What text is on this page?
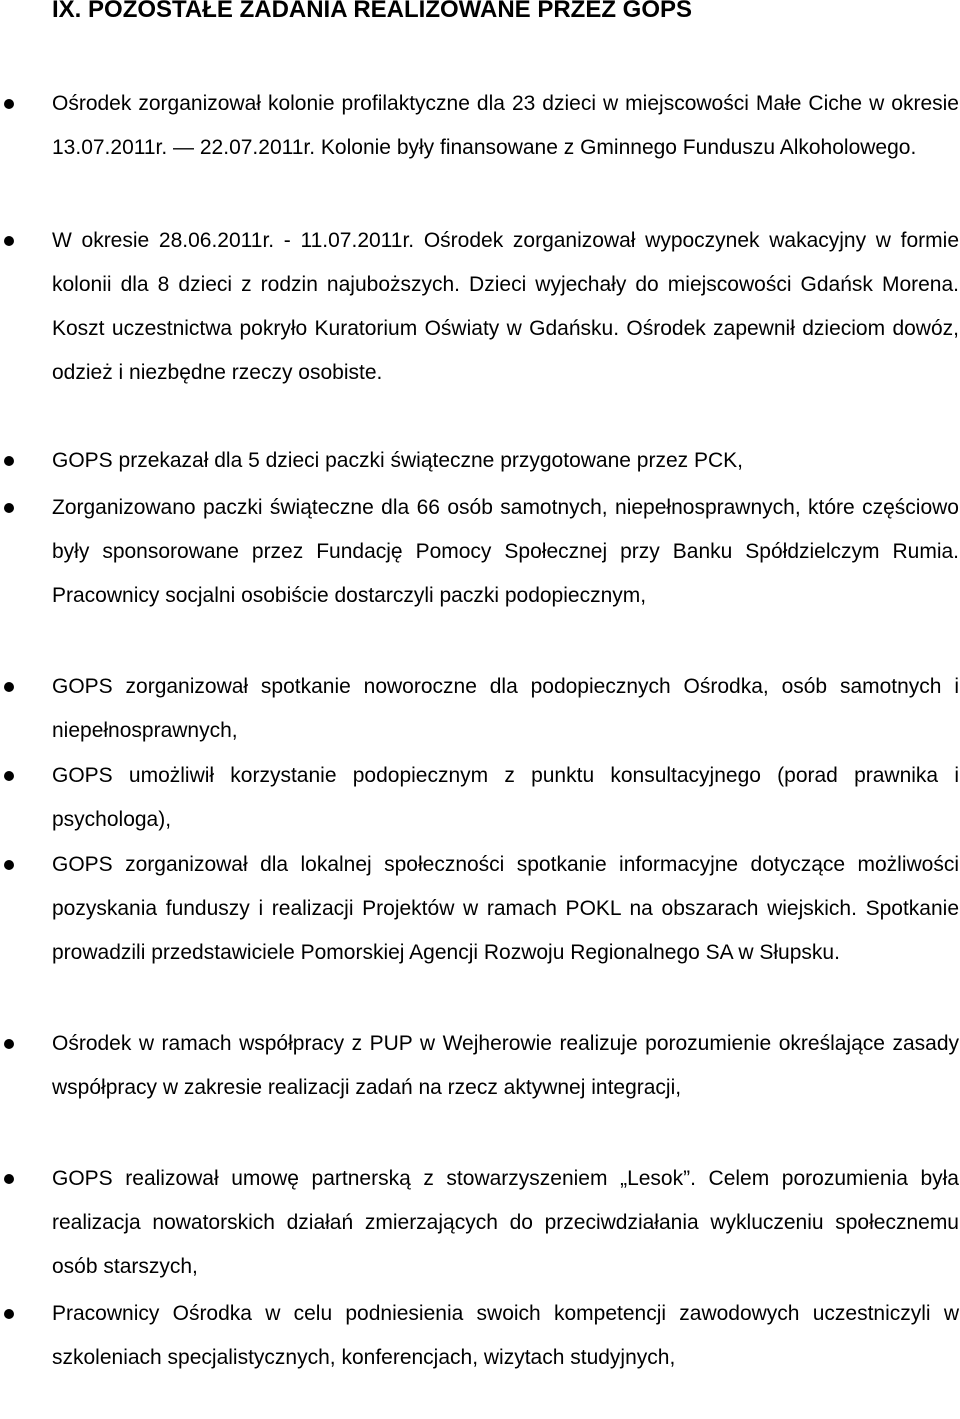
IX. POZOSTAŁE ZADANIA REALIZOWANE PRZEZ GOPS

Ośrodek zorganizował kolonie profilaktyczne dla 23 dzieci w miejscowości Małe Ciche w okresie 13.07.2011r. — 22.07.2011r. Kolonie były finansowane z Gminnego Funduszu Alkoholowego.

W okresie 28.06.2011r. - 11.07.2011r. Ośrodek zorganizował wypoczynek wakacyjny w formie kolonii dla 8 dzieci z rodzin najuboższych. Dzieci wyjechały do miejscowości Gdańsk Morena. Koszt uczestnictwa pokryło Kuratorium Oświaty w Gdańsku. Ośrodek zapewnił dzieciom dowóz, odzież i niezbędne rzeczy osobiste.

GOPS przekazał dla 5 dzieci paczki świąteczne przygotowane przez PCK,

Zorganizowano paczki świąteczne dla 66 osób samotnych, niepełnosprawnych, które częściowo były sponsorowane przez Fundację Pomocy Społecznej przy Banku Spółdzielczym Rumia. Pracownicy socjalni osobiście dostarczyli paczki podopiecznym,

GOPS zorganizował spotkanie noworoczne dla podopiecznych Ośrodka, osób samotnych i niepełnosprawnych,

GOPS umożliwił korzystanie podopiecznym z punktu konsultacyjnego (porad prawnika i psychologa),

GOPS zorganizował dla lokalnej społeczności spotkanie informacyjne dotyczące możliwości pozyskania funduszy i realizacji Projektów w ramach POKL na obszarach wiejskich. Spotkanie prowadzili przedstawiciele Pomorskiej Agencji Rozwoju Regionalnego SA w Słupsku.

Ośrodek w ramach współpracy z PUP w Wejherowie realizuje porozumienie określające zasady współpracy w zakresie realizacji zadań na rzecz aktywnej integracji,

GOPS realizował umowę partnerską z stowarzyszeniem „Lesok”. Celem porozumienia była realizacja nowatorskich działań zmierzających do przeciwdziałania wykluczeniu społecznemu osób starszych,

Pracownicy Ośrodka w celu podniesienia swoich kompetencji zawodowych uczestniczyli w szkoleniach specjalistycznych, konferencjach, wizytach studyjnych,
